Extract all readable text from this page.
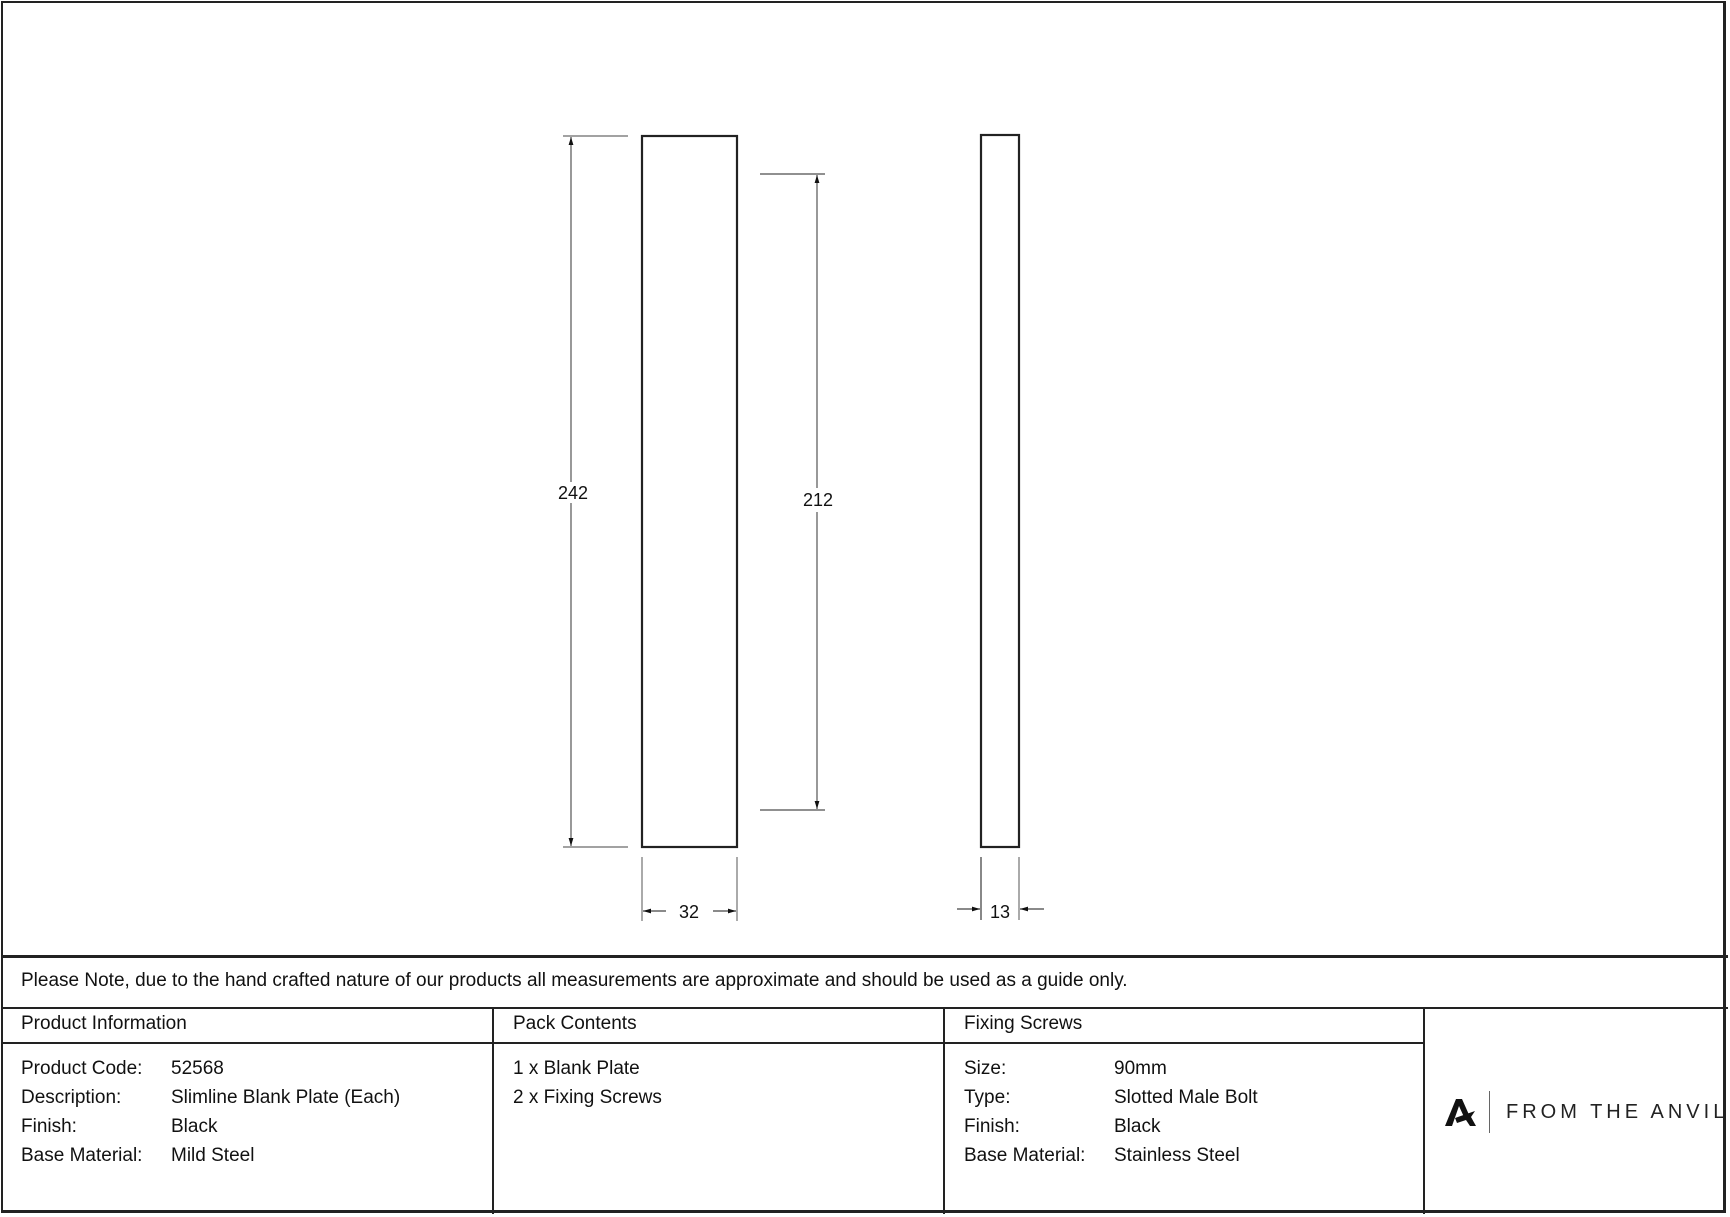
242	212
32	13
Please Note, due to the hand crafted nature of our products all measurements are approximate and should be used as a guide only.
Product Information
Product Code: 52568
Description:	Slimline Blank Plate (Each)
Finish:	Black
Base Material: Mild Steel
Pack Contents
1 x Blank Plate
2 x Fixing Screws
Fixing Screws
Size:	90mm
Type:	Slotted Male Bolt
Finish:	Black
Base Material: Stainless Steel
FROM THE ANVIL
